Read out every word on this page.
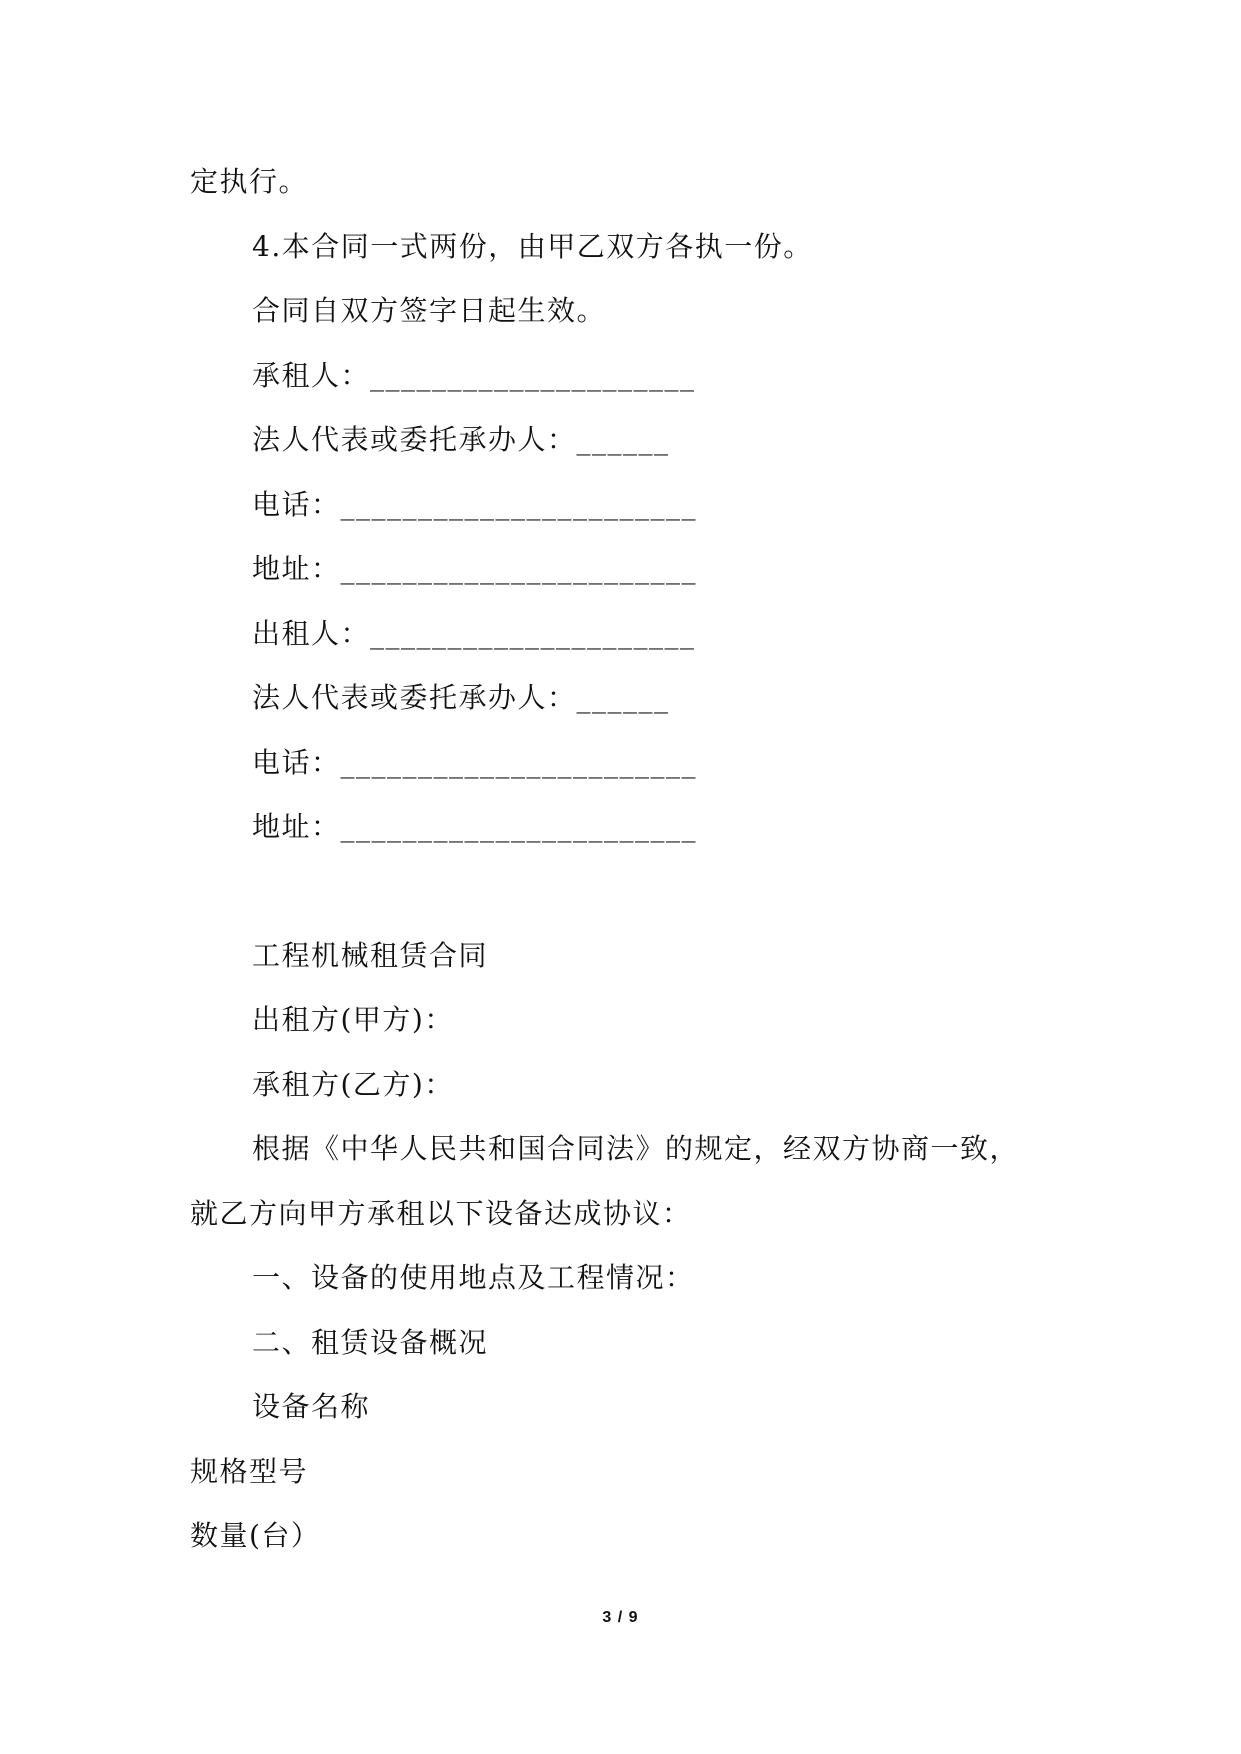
定执行。
4.本合同一式两份，由甲乙双方各执一份。
合同自双方签字日起生效。
承租人：_____________________
法人代表或委托承办人：______
电话：_______________________
地址：_______________________
出租人：_____________________
法人代表或委托承办人：______
电话：_______________________
地址：_______________________
工程机械租赁合同
出租方(甲方)：
承租方(乙方)：
根据《中华人民共和国合同法》的规定，经双方协商一致，
就乙方向甲方承租以下设备达成协议：
一、设备的使用地点及工程情况：
二、租赁设备概况
设备名称
规格型号
数量(台）
3 / 9
